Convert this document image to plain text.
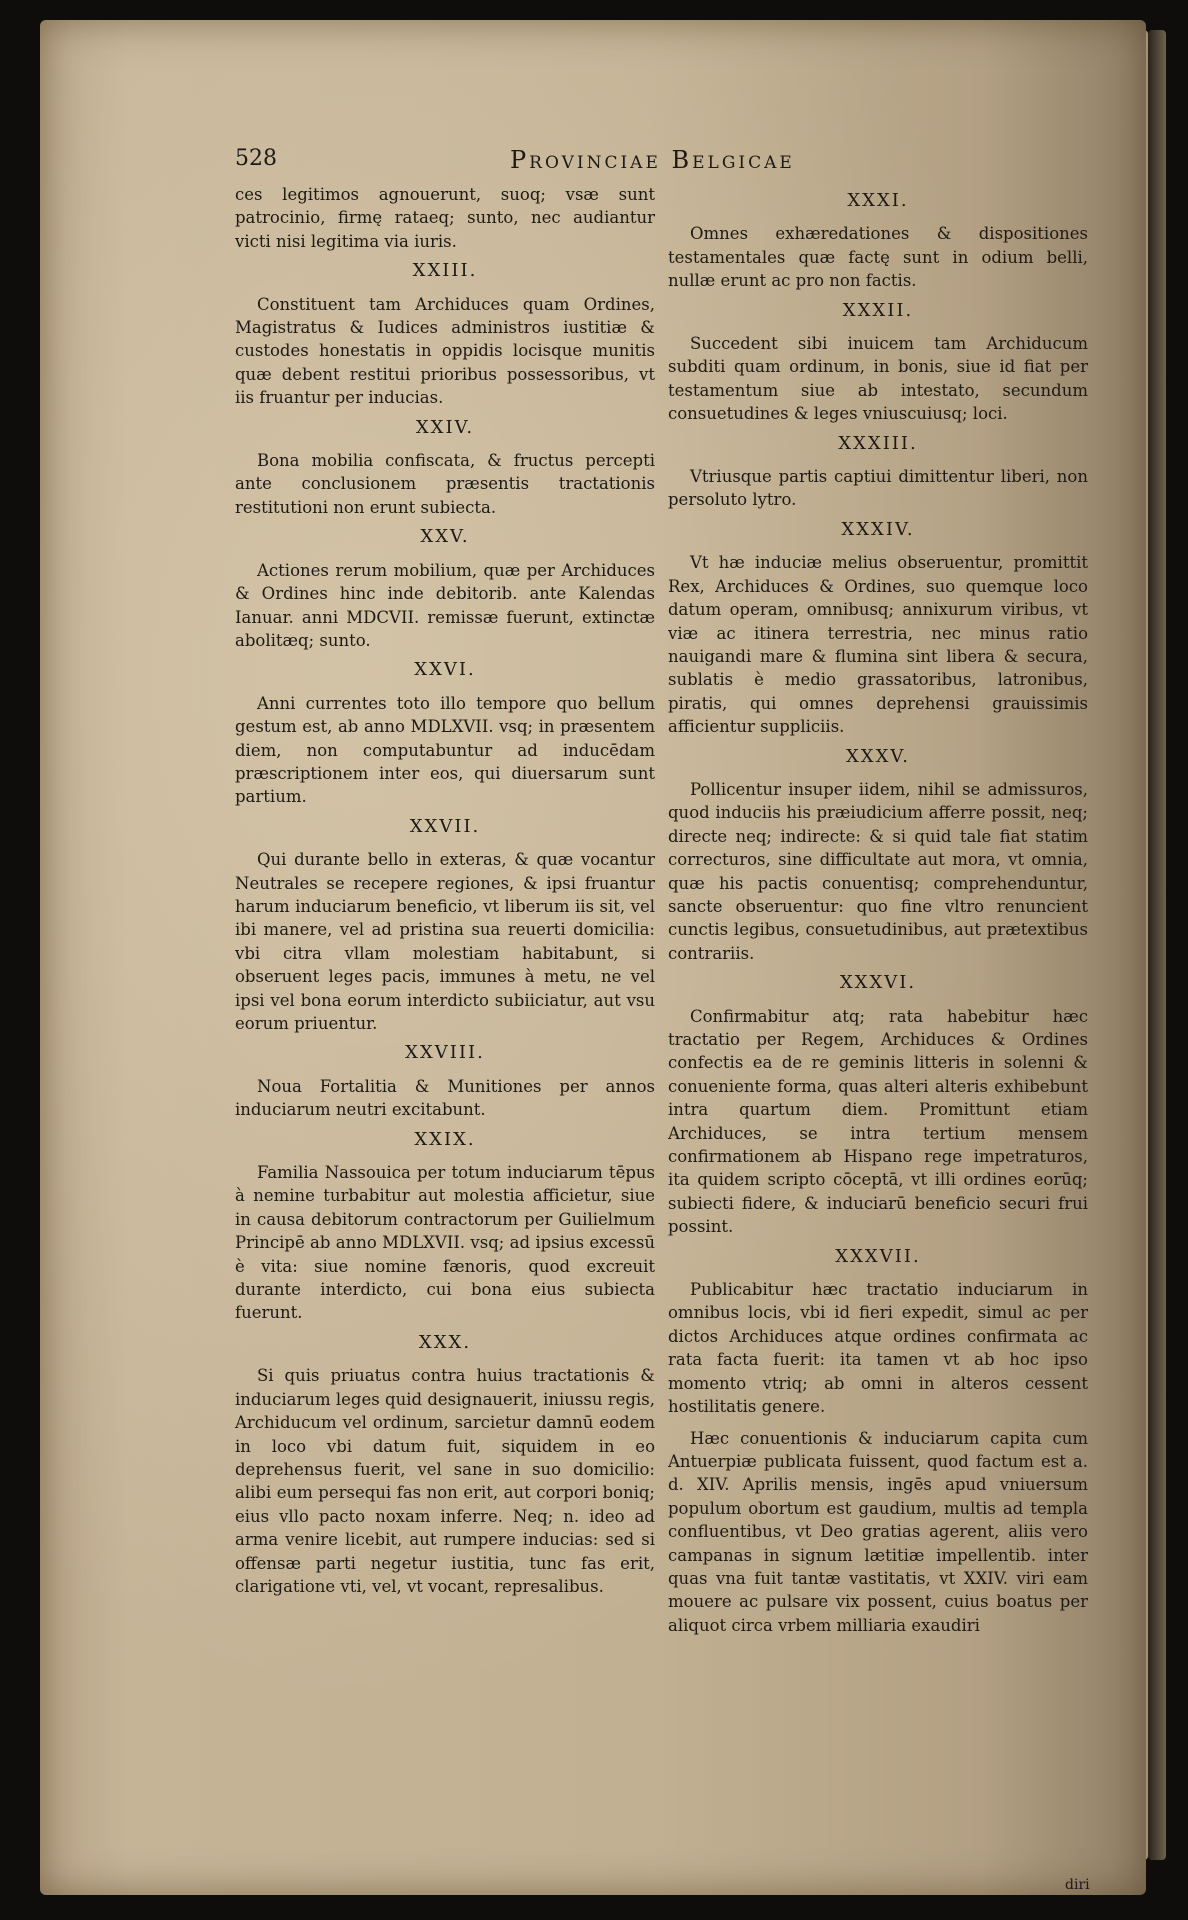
528	Provinciae Belgicae

ces legitimos agnouerunt, suoq; vsæ sunt patrocinio, firmę rataeq; sunto, nec audiantur victi nisi legitima via iuris.

XXIII.

Constituent tam Archiduces quam Ordines, Magistratus & Iudices administros iustitiæ & custodes honestatis in oppidis locisque munitis quæ debent restitui prioribus possessoribus, vt iis fruantur per inducias.

XXIV.

Bona mobilia confiscata, & fructus percepti ante conclusionem præsentis tractationis restitutioni non erunt subiecta.

XXV.

Actiones rerum mobilium, quæ per Archiduces & Ordines hinc inde debitorib. ante Kalendas Ianuar. anni MDCVII. remissæ fuerunt, extinctæ abolitæq; sunto.

XXVI.

Anni currentes toto illo tempore quo bellum gestum est, ab anno MDLXVII. vsq; in præsentem diem, non computabuntur ad inducēdam præscriptionem inter eos, qui diuersarum sunt partium.

XXVII.

Qui durante bello in exteras, & quæ vocantur Neutrales se recepere regiones, & ipsi fruantur harum induciarum beneficio, vt liberum iis sit, vel ibi manere, vel ad pristina sua reuerti domicilia: vbi citra vllam molestiam habitabunt, si obseruent leges pacis, immunes à metu, ne vel ipsi vel bona eorum interdicto subiiciatur, aut vsu eorum priuentur.

XXVIII.

Noua Fortalitia & Munitiones per annos induciarum neutri excitabunt.

XXIX.

Familia Nassouica per totum induciarum tēpus à nemine turbabitur aut molestia afficietur, siue in causa debitorum contractorum per Guilielmum Principē ab anno MDLXVII. vsq; ad ipsius excessū è vita: siue nomine fænoris, quod excreuit durante interdicto, cui bona eius subiecta fuerunt.

XXX.

Si quis priuatus contra huius tractationis & induciarum leges quid designauerit, iniussu regis, Archiducum vel ordinum, sarcietur damnū eodem in loco vbi datum fuit, siquidem in eo deprehensus fuerit, vel sane in suo domicilio: alibi eum persequi fas non erit, aut corpori boniq; eius vllo pacto noxam inferre. Neq; n. ideo ad arma venire licebit, aut rumpere inducias: sed si offensæ parti negetur iustitia, tunc fas erit, clarigatione vti, vel, vt vocant, represalibus.

XXXI.

Omnes exhæredationes & dispositiones testamentales quæ factę sunt in odium belli, nullæ erunt ac pro non factis.

XXXII.

Succedent sibi inuicem tam Archiducum subditi quam ordinum, in bonis, siue id fiat per testamentum siue ab intestato, secundum consuetudines & leges vniuscuiusq; loci.

XXXIII.

Vtriusque partis captiui dimittentur liberi, non persoluto lytro.

XXXIV.

Vt hæ induciæ melius obseruentur, promittit Rex, Archiduces & Ordines, suo quemque loco datum operam, omnibusq; annixurum viribus, vt viæ ac itinera terrestria, nec minus ratio nauigandi mare & flumina sint libera & secura, sublatis è medio grassatoribus, latronibus, piratis, qui omnes deprehensi grauissimis afficientur suppliciis.

XXXV.

Pollicentur insuper iidem, nihil se admissuros, quod induciis his præiudicium afferre possit, neq; directe neq; indirecte: & si quid tale fiat statim correcturos, sine difficultate aut mora, vt omnia, quæ his pactis conuentisq; comprehenduntur, sancte obseruentur: quo fine vltro renuncient cunctis legibus, consuetudinibus, aut prætextibus contrariis.

XXXVI.

Confirmabitur atq; rata habebitur hæc tractatio per Regem, Archiduces & Ordines confectis ea de re geminis litteris in solenni & conueniente forma, quas alteri alteris exhibebunt intra quartum diem. Promittunt etiam Archiduces, se intra tertium mensem confirmationem ab Hispano rege impetraturos, ita quidem scripto cōceptā, vt illi ordines eorūq; subiecti fidere, & induciarū beneficio securi frui possint.

XXXVII.

Publicabitur hæc tractatio induciarum in omnibus locis, vbi id fieri expedit, simul ac per dictos Archiduces atque ordines confirmata ac rata facta fuerit: ita tamen vt ab hoc ipso momento vtriq; ab omni in alteros cessent hostilitatis genere.

Hæc conuentionis & induciarum capita cum Antuerpiæ publicata fuissent, quod factum est a. d. XIV. Aprilis mensis, ingēs apud vniuersum populum obortum est gaudium, multis ad templa confluentibus, vt Deo gratias agerent, aliis vero campanas in signum lætitiæ impellentib. inter quas vna fuit tantæ vastitatis, vt XXIV. viri eam mouere ac pulsare vix possent, cuius boatus per aliquot circa vrbem milliaria exaudiri

diri
